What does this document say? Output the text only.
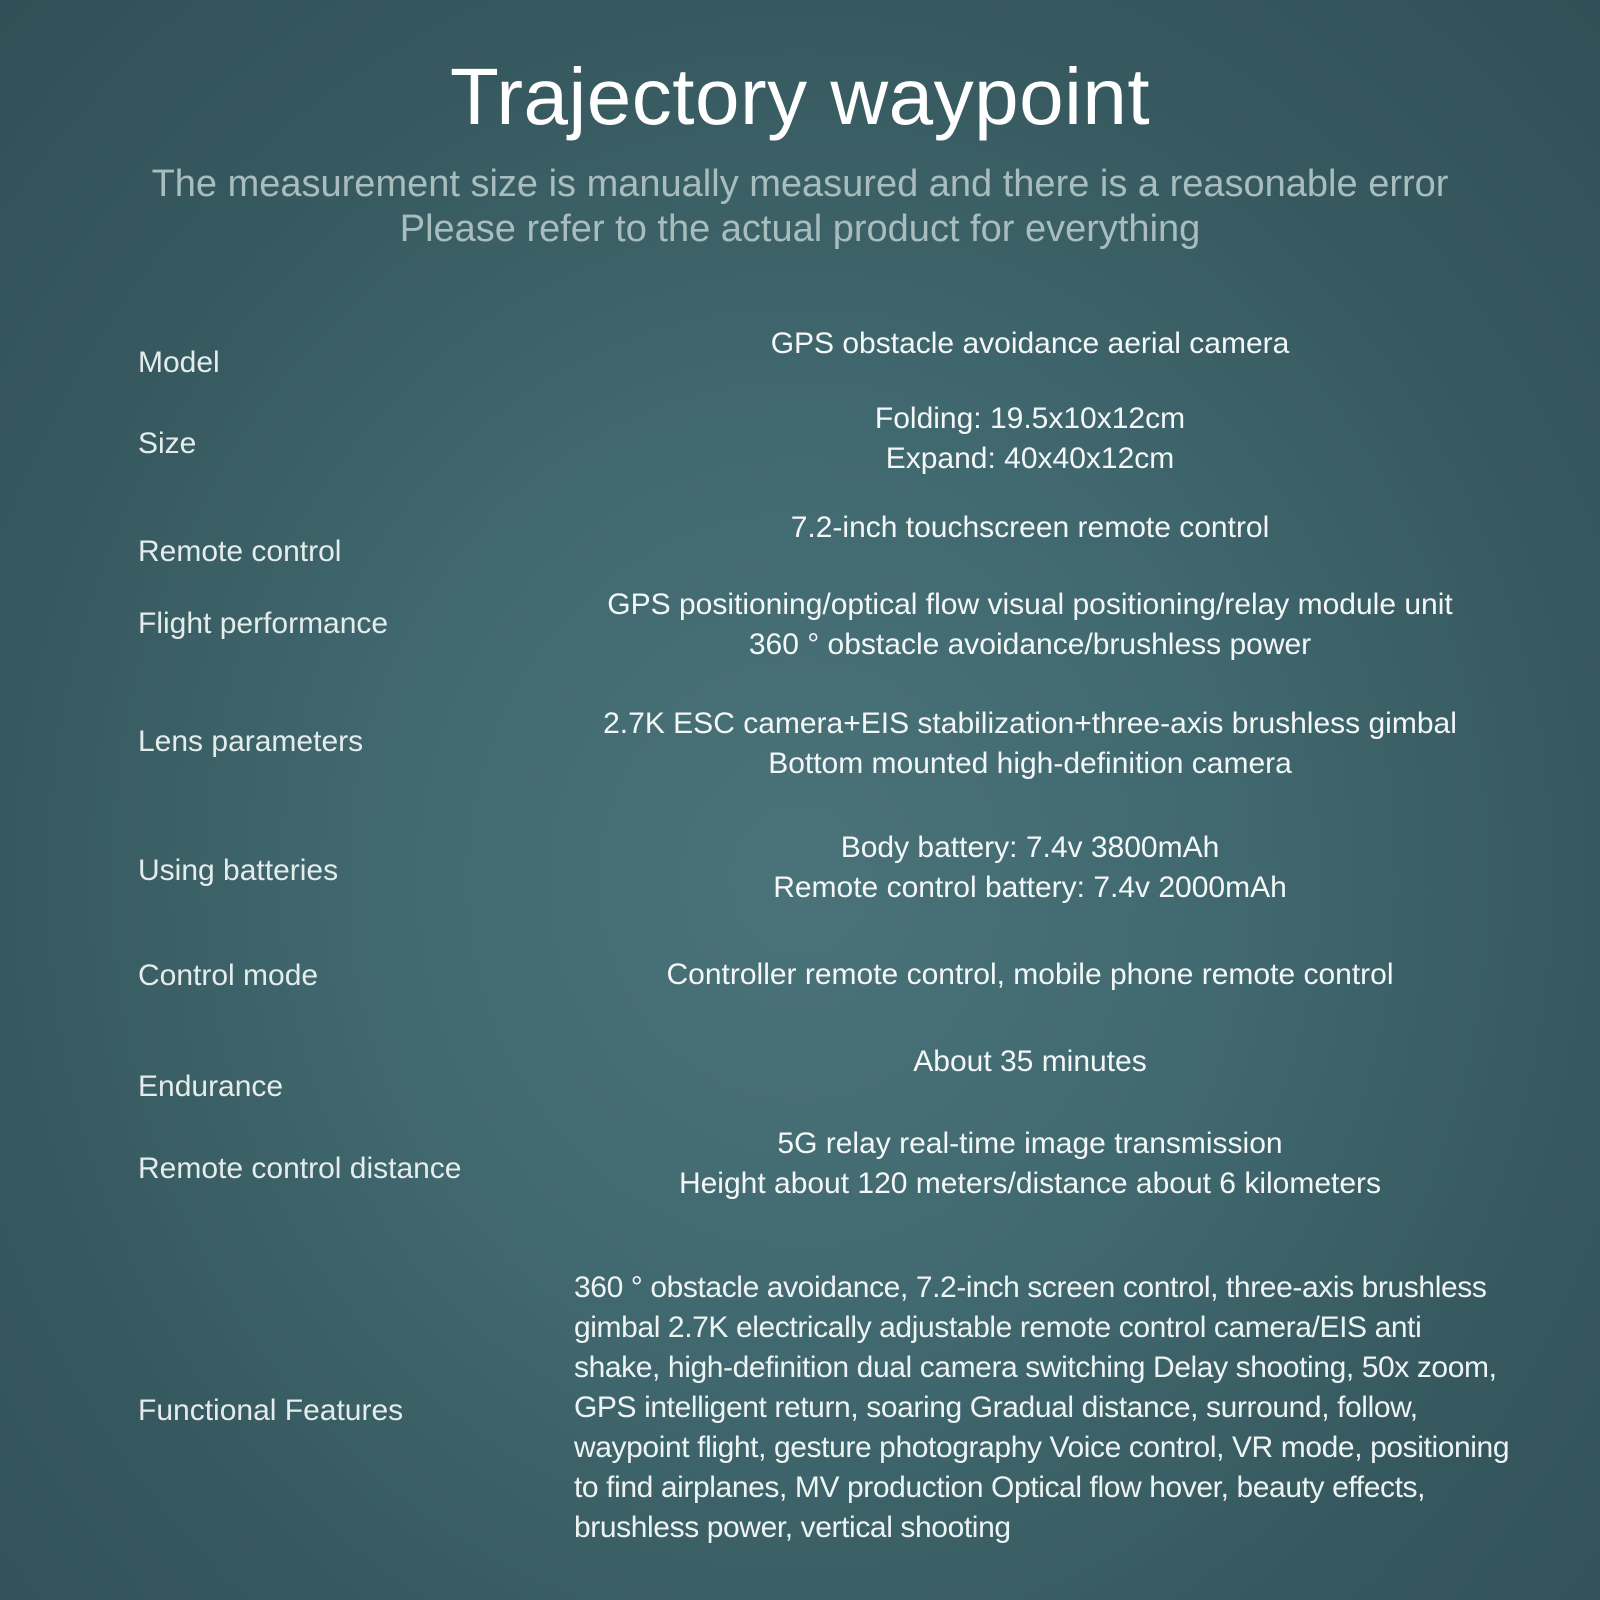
Trajectory waypoint
The measurement size is manually measured and there is a reasonable error Please refer to the actual product for everything
Model
GPS obstacle avoidance aerial camera
Size
Folding: 19.5x10x12cm
Expand: 40x40x12cm
Remote control
7.2-inch touchscreen remote control
Flight performance
GPS positioning/optical flow visual positioning/relay module unit
360 ° obstacle avoidance/brushless power
Lens parameters
2.7K ESC camera+EIS stabilization+three-axis brushless gimbal
Bottom mounted high-definition camera
Using batteries
Body battery: 7.4v 3800mAh
Remote control battery: 7.4v 2000mAh
Control mode	Controller remote control, mobile phone remote control
Endurance
About 35 minutes
Remote control distance
5G relay real-time image transmission
Height about 120 meters/distance about 6 kilometers
Functional Features
360 ° obstacle avoidance, 7.2-inch screen control, three-axis brushless gimbal 2.7K electrically adjustable remote control camera/EIS anti shake, high-definition dual camera switching Delay shooting, 50x zoom, GPS intelligent return, soaring Gradual distance, surround, follow, waypoint flight, gesture photography Voice control, VR mode, positioning to find airplanes, MV production Optical flow hover, beauty effects, brushless power, vertical shooting
